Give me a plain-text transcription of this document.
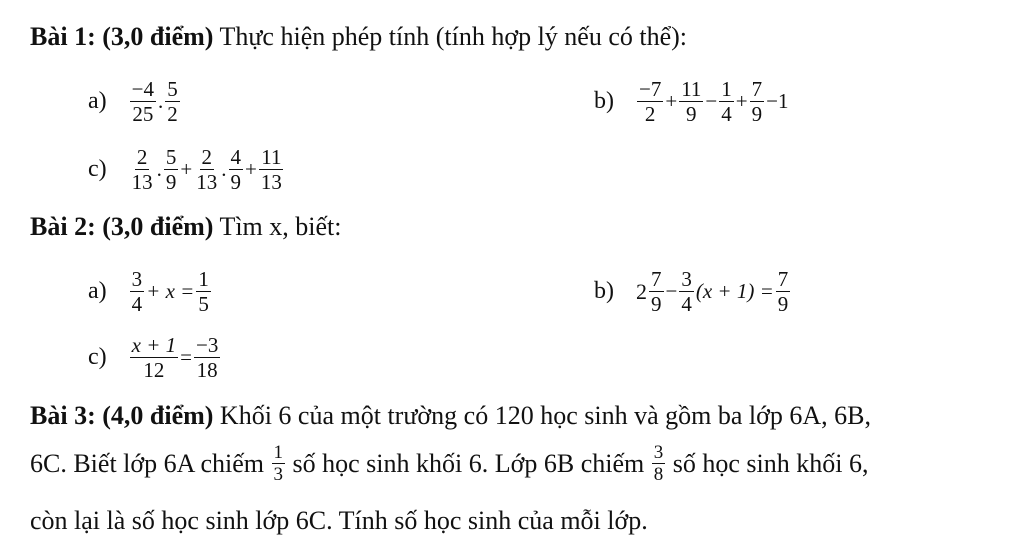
Bài 1: (3,0 điểm) Thực hiện phép tính (tính hợp lý nếu có thể):
$a) \frac{-4}{25}$ . $\frac{5}{2}$	$b) \frac{-7}{2} + \frac{11}{9} - \frac{1}{4} + \frac{7}{9} -1$
$c) \frac{2}{13}$ . $\frac{5}{9} + \frac{2}{13}$ . $\frac{4}{9} + \frac{11}{13}$
Bài 2: (3,0 điểm) Tìm x, biết:
$a) \frac{3}{4} + x = \frac{1}{5}$	b) $2 \frac{7}{9} - \frac{3}{4} (x + 1) = \frac{7}{9}$
$c) \frac{x + 1}{12} = \frac{-3}{18}$
Bài 3: (4,0 điểm) Khối 6 của một trường có 120 học sinh và gồm ba lớp 6A, 6B,
6C. Biết lớp 6A chiếm $\frac{1}{3}$ số học sinh khối 6. Lớp 6B chiếm $\frac{3}{8}$ số học sinh khối 6,
còn lại là số học sinh lớp 6C. Tính số học sinh của mỗi lớp.
